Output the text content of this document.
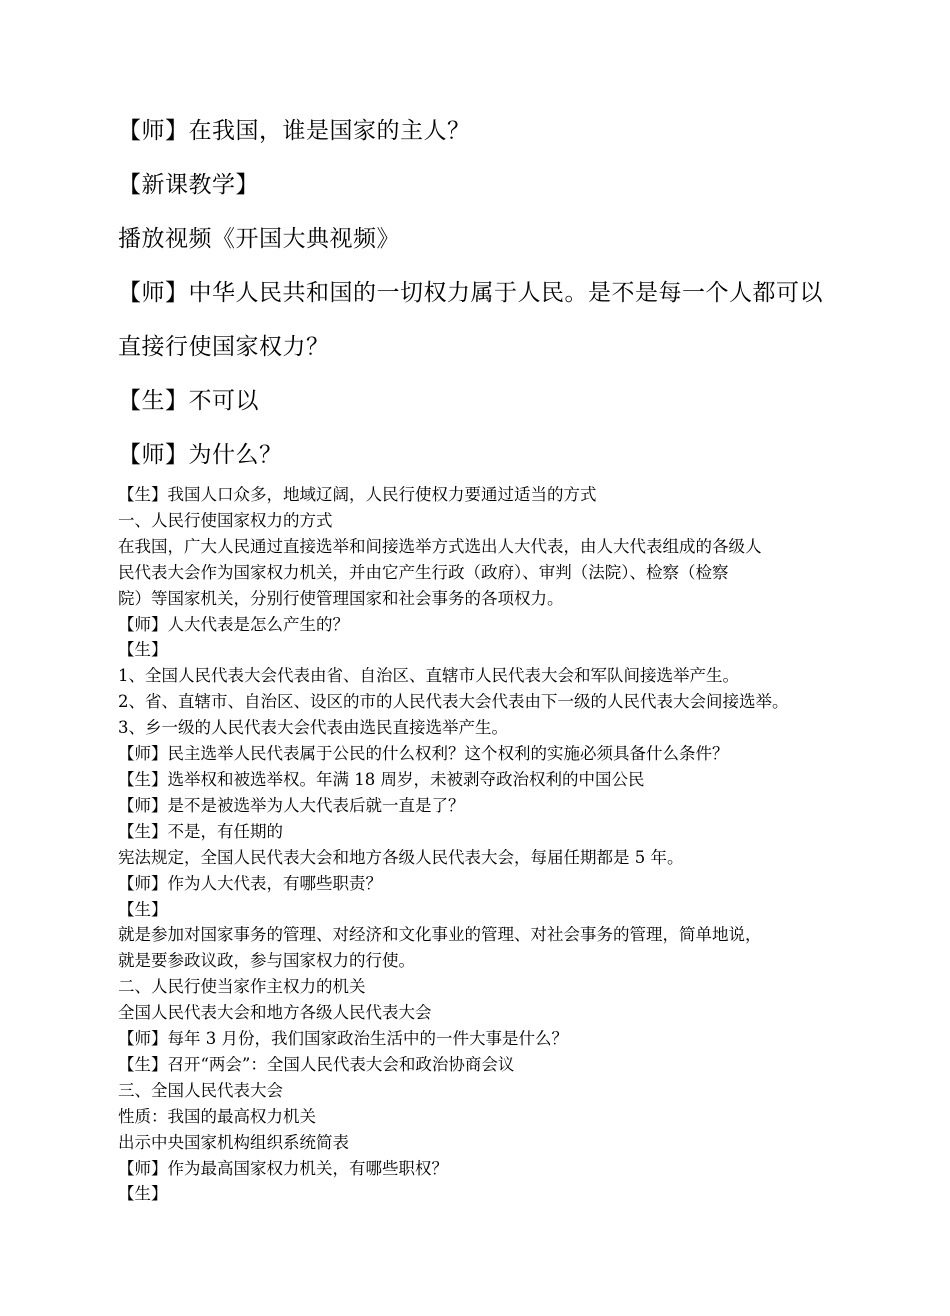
【师】在我国，谁是国家的主人？
【新课教学】
播放视频《开国大典视频》
【师】中华人民共和国的一切权力属于人民。是不是每一个人都可以
直接行使国家权力？
【生】不可以
【师】为什么？
【生】我国人口众多，地域辽阔，人民行使权力要通过适当的方式
一、人民行使国家权力的方式
在我国，广大人民通过直接选举和间接选举方式选出人大代表，由人大代表组成的各级人
民代表大会作为国家权力机关，并由它产生行政（政府）、审判（法院）、检察（检察
院）等国家机关，分别行使管理国家和社会事务的各项权力。
【师】人大代表是怎么产生的？
【生】
1、全国人民代表大会代表由省、自治区、直辖市人民代表大会和军队间接选举产生。
2、省、直辖市、自治区、设区的市的人民代表大会代表由下一级的人民代表大会间接选举。
3、乡一级的人民代表大会代表由选民直接选举产生。
【师】民主选举人民代表属于公民的什么权利？这个权利的实施必须具备什么条件？
【生】选举权和被选举权。年满 18 周岁，未被剥夺政治权利的中国公民
【师】是不是被选举为人大代表后就一直是了？
【生】不是，有任期的
宪法规定，全国人民代表大会和地方各级人民代表大会，每届任期都是 5 年。
【师】作为人大代表，有哪些职责？
【生】
就是参加对国家事务的管理、对经济和文化事业的管理、对社会事务的管理，简单地说，
就是要参政议政，参与国家权力的行使。
二、人民行使当家作主权力的机关
全国人民代表大会和地方各级人民代表大会
【师】每年 3 月份，我们国家政治生活中的一件大事是什么？
【生】召开“两会”：全国人民代表大会和政治协商会议
三、全国人民代表大会
性质：我国的最高权力机关
出示中央国家机构组织系统简表
【师】作为最高国家权力机关，有哪些职权？
【生】
